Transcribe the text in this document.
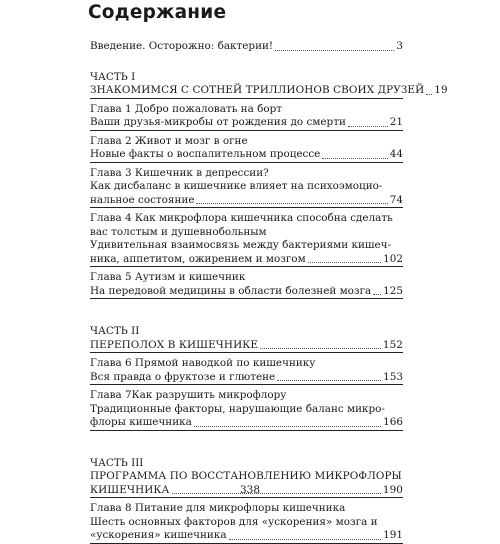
Содержание
Введение. Осторожно: бактерии!	3
ЧАСТЬ I
ЗНАКОМИМСЯ С СОТНЕЙ ТРИЛЛИОНОВ СВОИХ ДРУЗЕЙ 19
Глава 1 Добро пожаловать на борт
Ваши друзья-микробы от рождения до смерти	21
Глава 2 Живот и мозг в огне
Новые факты о воспалительном процессе	44
Глава 3 Кишечник в депрессии?
Как дисбаланс в кишечнике влияет на психоэмоцио-
нальное состояние	74
Глава 4 Как микрофлора кишечника способна сделать
вас толстым и душевнобольным
Удивительная взаимосвязь между бактериями кишеч-
ника, аппетитом, ожирением и мозгом	102
Глава 5 Аутизм и кишечник
На передовой медицины в области болезней мозга 125
ЧАСТЬ II
ПЕРЕПОЛОХ В КИШЕЧНИКЕ	152
Глава 6 Прямой наводкой по кишечнику
Вся правда о фруктозе и глютене	153
Глава 7Как разрушить микрофлору
Традиционные факторы, нарушающие баланс микро-
флоры кишечника	166
ЧАСТЬ III
ПРОГРАММА ПО ВОССТАНОВЛЕНИЮ МИКРОФЛОРЫ
КИШЕЧНИКА	190
Глава 8 Питание для микрофлоры кишечника
Шесть основных факторов для «ускорения» мозга и
«ускорения» кишечника	191
338
